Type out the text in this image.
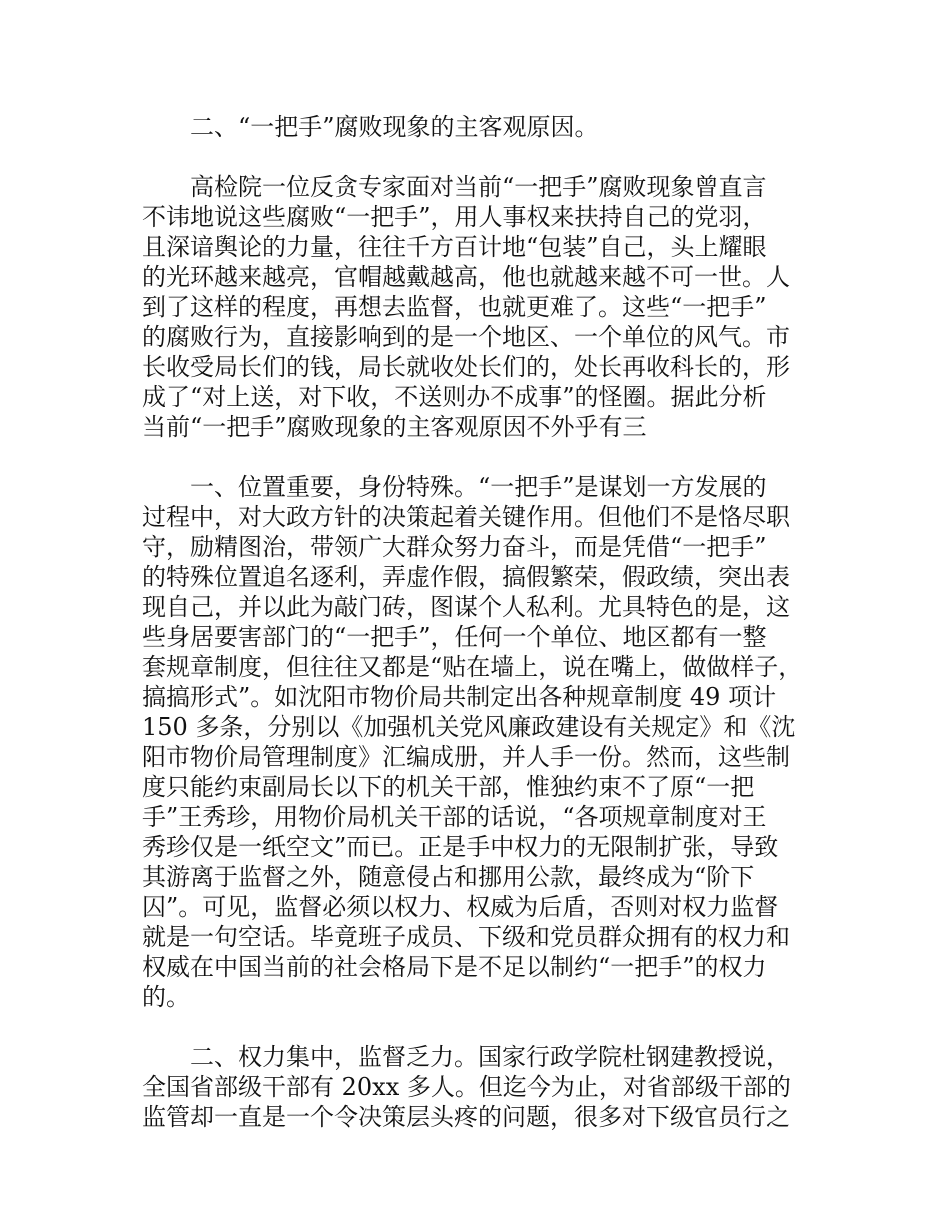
　　二、“一把手”腐败现象的主客观原因。
　　高检院一位反贪专家面对当前“一把手”腐败现象曾直言
不讳地说这些腐败“一把手”，用人事权来扶持自己的党羽，
且深谙舆论的力量，往往千方百计地“包装”自己，头上耀眼
的光环越来越亮，官帽越戴越高，他也就越来越不可一世。人
到了这样的程度，再想去监督，也就更难了。这些“一把手”
的腐败行为，直接影响到的是一个地区、一个单位的风气。市
长收受局长们的钱，局长就收处长们的，处长再收科长的，形
成了“对上送，对下收，不送则办不成事”的怪圈。据此分析
当前“一把手”腐败现象的主客观原因不外乎有三
　　一、位置重要，身份特殊。“一把手”是谋划一方发展的
过程中，对大政方针的决策起着关键作用。但他们不是恪尽职
守，励精图治，带领广大群众努力奋斗，而是凭借“一把手”
的特殊位置追名逐利，弄虚作假，搞假繁荣，假政绩，突出表
现自己，并以此为敲门砖，图谋个人私利。尤具特色的是，这
些身居要害部门的“一把手”，任何一个单位、地区都有一整
套规章制度，但往往又都是“贴在墙上，说在嘴上，做做样子，
搞搞形式”。如沈阳市物价局共制定出各种规章制度 49 项计
150 多条，分别以《加强机关党风廉政建设有关规定》和《沈
阳市物价局管理制度》汇编成册，并人手一份。然而，这些制
度只能约束副局长以下的机关干部，惟独约束不了原“一把
手”王秀珍，用物价局机关干部的话说，“各项规章制度对王
秀珍仅是一纸空文”而已。正是手中权力的无限制扩张，导致
其游离于监督之外，随意侵占和挪用公款，最终成为“阶下
囚”。可见，监督必须以权力、权威为后盾，否则对权力监督
就是一句空话。毕竟班子成员、下级和党员群众拥有的权力和
权威在中国当前的社会格局下是不足以制约“一把手”的权力
的。
　　二、权力集中，监督乏力。国家行政学院杜钢建教授说，
全国省部级干部有 20xx 多人。但迄今为止，对省部级干部的
监管却一直是一个令决策层头疼的问题，很多对下级官员行之
